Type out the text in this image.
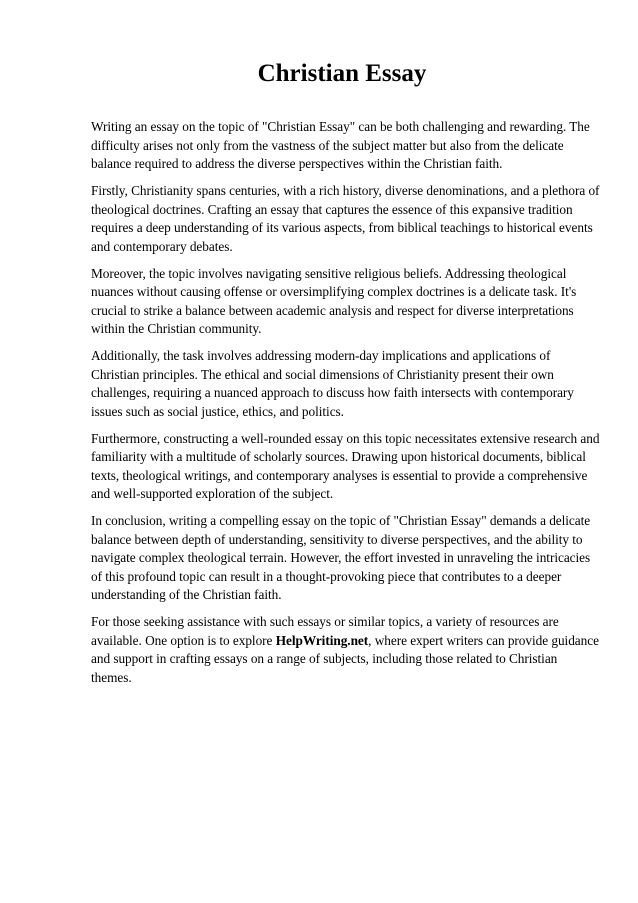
Christian Essay

Writing an essay on the topic of "Christian Essay" can be both challenging and rewarding. The difficulty arises not only from the vastness of the subject matter but also from the delicate balance required to address the diverse perspectives within the Christian faith.

Firstly, Christianity spans centuries, with a rich history, diverse denominations, and a plethora of theological doctrines. Crafting an essay that captures the essence of this expansive tradition requires a deep understanding of its various aspects, from biblical teachings to historical events and contemporary debates.

Moreover, the topic involves navigating sensitive religious beliefs. Addressing theological nuances without causing offense or oversimplifying complex doctrines is a delicate task. It's crucial to strike a balance between academic analysis and respect for diverse interpretations within the Christian community.

Additionally, the task involves addressing modern-day implications and applications of Christian principles. The ethical and social dimensions of Christianity present their own challenges, requiring a nuanced approach to discuss how faith intersects with contemporary issues such as social justice, ethics, and politics.

Furthermore, constructing a well-rounded essay on this topic necessitates extensive research and familiarity with a multitude of scholarly sources. Drawing upon historical documents, biblical texts, theological writings, and contemporary analyses is essential to provide a comprehensive and well-supported exploration of the subject.

In conclusion, writing a compelling essay on the topic of "Christian Essay" demands a delicate balance between depth of understanding, sensitivity to diverse perspectives, and the ability to navigate complex theological terrain. However, the effort invested in unraveling the intricacies of this profound topic can result in a thought-provoking piece that contributes to a deeper understanding of the Christian faith.

For those seeking assistance with such essays or similar topics, a variety of resources are available. One option is to explore HelpWriting.net, where expert writers can provide guidance and support in crafting essays on a range of subjects, including those related to Christian themes.
